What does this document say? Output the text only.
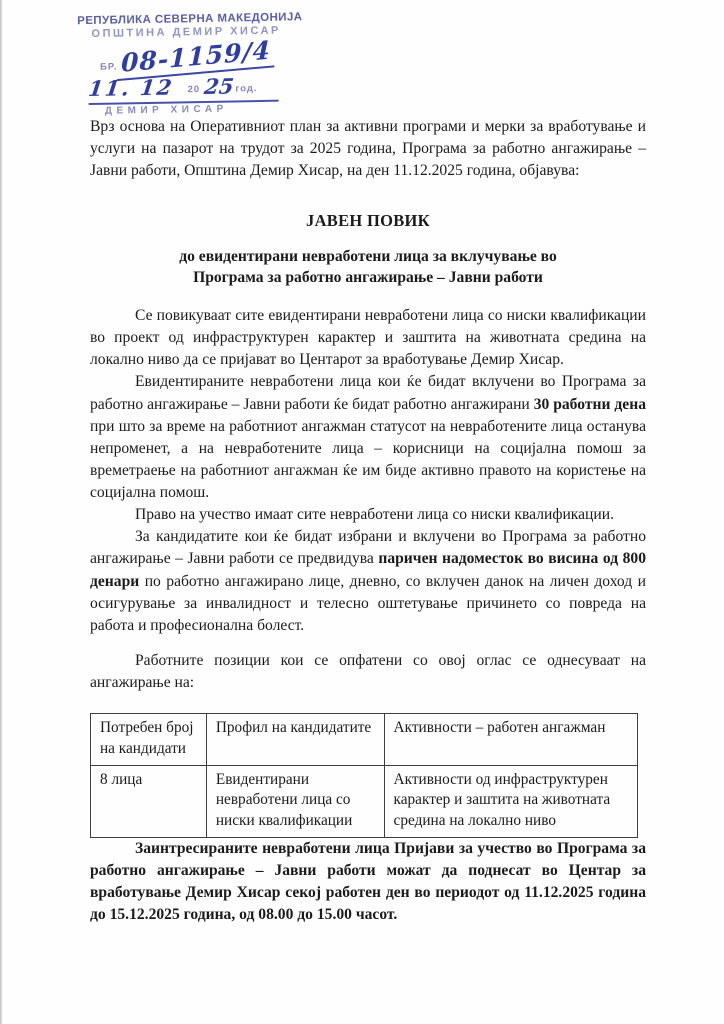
РЕПУБЛИКА СЕВЕРНА МАКЕДОНИЈА
ОПШТИНА ДЕМИР ХИСАР
БР. 08-1159/4
11. 12 20 25 год.
ДЕМИР ХИСАР

Врз основа на Оперативниот план за активни програми и мерки за вработување и услуги на пазарот на трудот за 2025 година, Програма за работно ангажирање – Јавни работи, Општина Демир Хисар, на ден 11.12.2025 година, објавува:

ЈАВЕН ПОВИК
до евидентирани невработени лица за вклучување во
Програма за работно ангажирање – Јавни работи

Се повикуваат сите евидентирани невработени лица со ниски квалификации во проект од инфраструктурен карактер и заштита на животната средина на локално ниво да се пријават во Центарот за вработување Демир Хисар.

Евидентираните невработени лица кои ќе бидат вклучени во Програма за работно ангажирање – Јавни работи ќе бидат работно ангажирани 30 работни дена при што за време на работниот ангажман статусот на невработените лица останува непроменет, а на невработените лица – корисници на социјална помош за времетраење на работниот ангажман ќе им биде активно правото на користење на социјална помош.

Право на учество имаат сите невработени лица со ниски квалификации.

За кандидатите кои ќе бидат избрани и вклучени во Програма за работно ангажирање – Јавни работи се предвидува паричен надоместок во висина од 800 денари по работно ангажирано лице, дневно, со вклучен данок на личен доход и осигурување за инвалидност и телесно оштетување причинето со повреда на работа и професионална болест.

Работните позиции кои се опфатени со овој оглас се однесуваат на ангажирање на:

Потребен број на кандидати	Профил на кандидатите	Активности – работен ангажман
8 лица	Евидентирани невработени лица со ниски квалификации	Активности од инфраструктурен карактер и заштита на животната средина на локално ниво

Заинтресираните невработени лица Пријави за учество во Програма за работно ангажирање – Јавни работи можат да поднесат во Центар за вработување Демир Хисар секој работен ден во периодот од 11.12.2025 година до 15.12.2025 година, од 08.00 до 15.00 часот.
